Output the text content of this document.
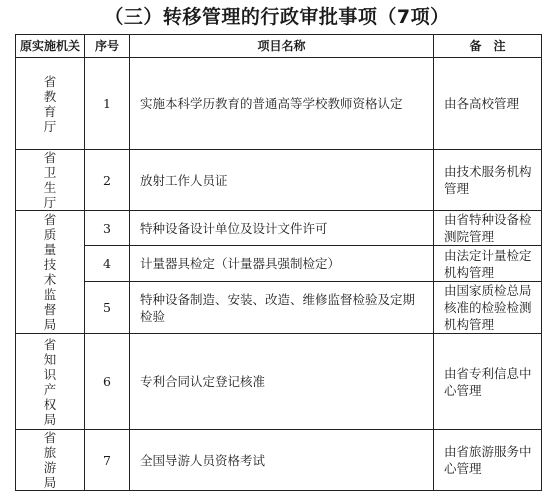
（三）转移管理的行政审批事项（7项）
原实施机关	序号	项目名称	备　注

省教育厅	1	实施本科学历教育的普通高等学校教师资格认定	由各高校管理

省卫生厅	2	放射工作人员证	由技术服务机构管理

省质量技术监督局	3	特种设备设计单位及设计文件许可	由省特种设备检测院管理
	4	计量器具检定（计量器具强制检定）	由法定计量检定机构管理
	5	特种设备制造、安装、改造、维修监督检验及定期检验	由国家质检总局核准的检验检测机构管理

省知识产权局	6	专利合同认定登记核准	由省专利信息中心管理

省旅游局	7	全国导游人员资格考试	由省旅游服务中心管理
